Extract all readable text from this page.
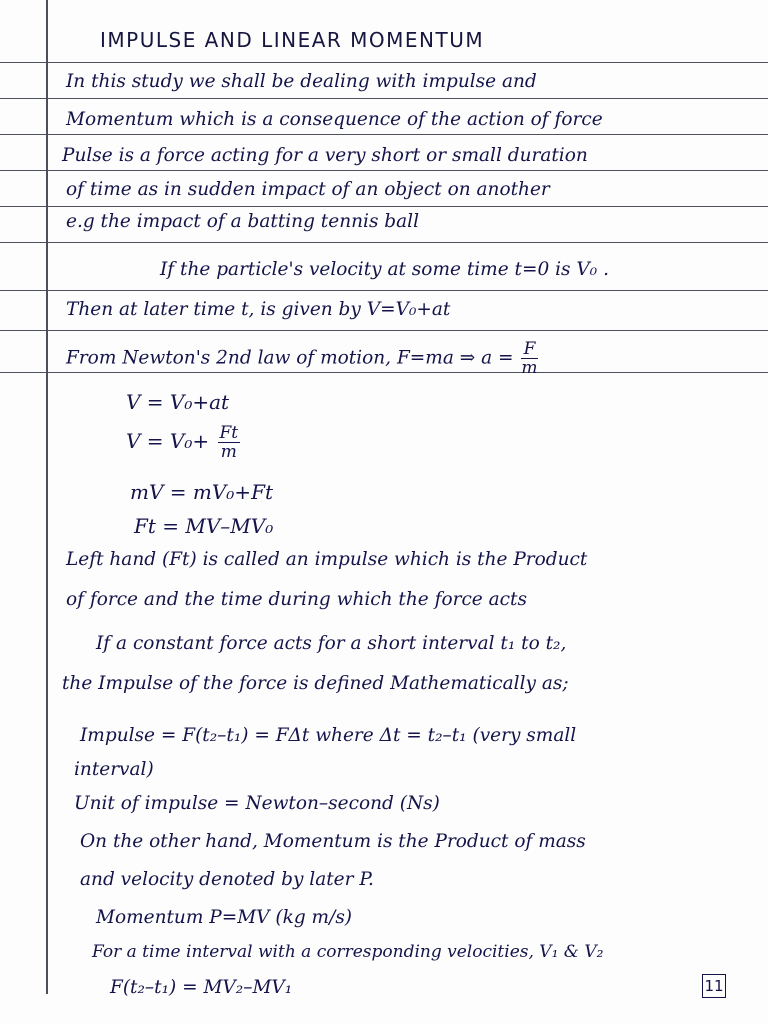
IMPULSE AND LINEAR MOMENTUM
In this study we shall be dealing with impulse and
Momentum which is a consequence of the action of force
Pulse is a force acting for a very short or small duration
of time as in sudden impact of an object on another
e.g the impact of a batting tennis ball
If the particle's velocity at some time t=0 is V₀ .
Then at later time t, is given by V=V₀+at
From Newton's 2nd law of motion, F=ma ⇒ $a = \frac{F}{m}$
V = V₀+at
$V = V_0+ \frac{Ft}{m}$
mV = mV₀+Ft
Ft = MV–MV₀
Left hand (Ft) is called an impulse which is the Product
of force and the time during which the force acts
If a constant force acts for a short interval t₁ to t₂,
the Impulse of the force is defined Mathematically as;
Impulse = F(t₂–t₁) = FΔt where Δt = t₂–t₁ (very small
interval)
Unit of impulse = Newton–second (Ns)
On the other hand, Momentum is the Product of mass
and velocity denoted by later P.
Momentum P=MV (kg m/s)
For a time interval with a corresponding velocities, V₁ & V₂
F(t₂–t₁) = MV₂–MV₁	11
